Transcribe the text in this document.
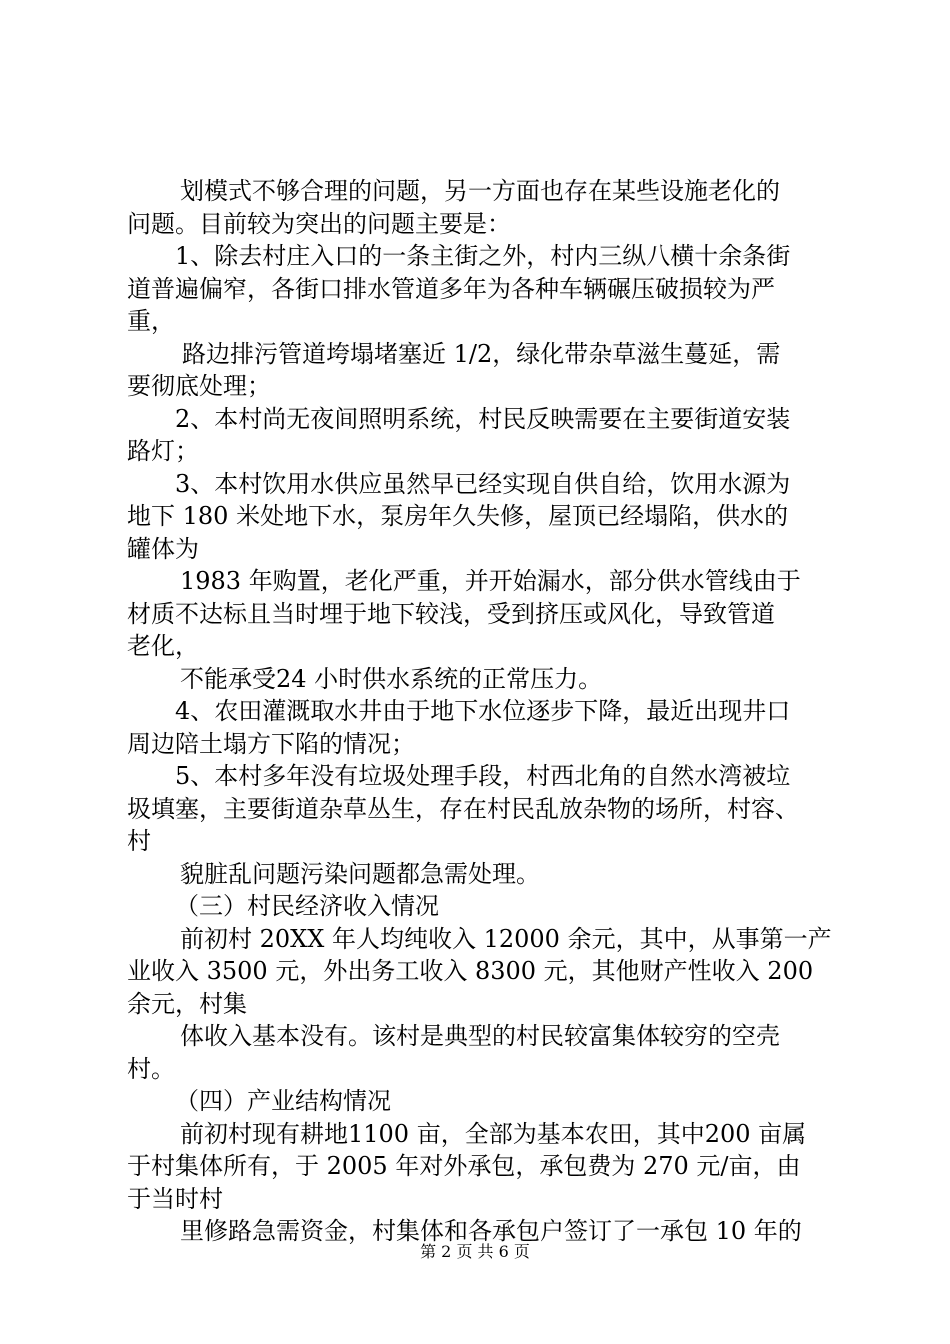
划模式不够合理的问题，另一方面也存在某些设施老化的
问题。目前较为突出的问题主要是：
1、除去村庄入口的一条主街之外，村内三纵八横十余条街
道普遍偏窄，各街口排水管道多年为各种车辆碾压破损较为严
重，
路边排污管道垮塌堵塞近 1/2，绿化带杂草滋生蔓延，需
要彻底处理；
2、本村尚无夜间照明系统，村民反映需要在主要街道安装
路灯；
3、本村饮用水供应虽然早已经实现自供自给，饮用水源为
地下 180 米处地下水，泵房年久失修，屋顶已经塌陷，供水的
罐体为
1983 年购置，老化严重，并开始漏水，部分供水管线由于
材质不达标且当时埋于地下较浅，受到挤压或风化，导致管道
老化，
不能承受24 小时供水系统的正常压力。
4、农田灌溉取水井由于地下水位逐步下降，最近出现井口
周边陪土塌方下陷的情况；
5、本村多年没有垃圾处理手段，村西北角的自然水湾被垃
圾填塞，主要街道杂草丛生，存在村民乱放杂物的场所，村容、
村
貌脏乱问题污染问题都急需处理。
（三）村民经济收入情况
前初村 20XX 年人均纯收入 12000 余元，其中，从事第一产
业收入 3500 元，外出务工收入 8300 元，其他财产性收入 200
余元，村集
体收入基本没有。该村是典型的村民较富集体较穷的空壳
村。
（四）产业结构情况
前初村现有耕地1100 亩，全部为基本农田，其中200 亩属
于村集体所有，于 2005 年对外承包，承包费为 270 元/亩，由
于当时村
里修路急需资金，村集体和各承包户签订了一承包 10 年的
第 2 页 共 6 页
